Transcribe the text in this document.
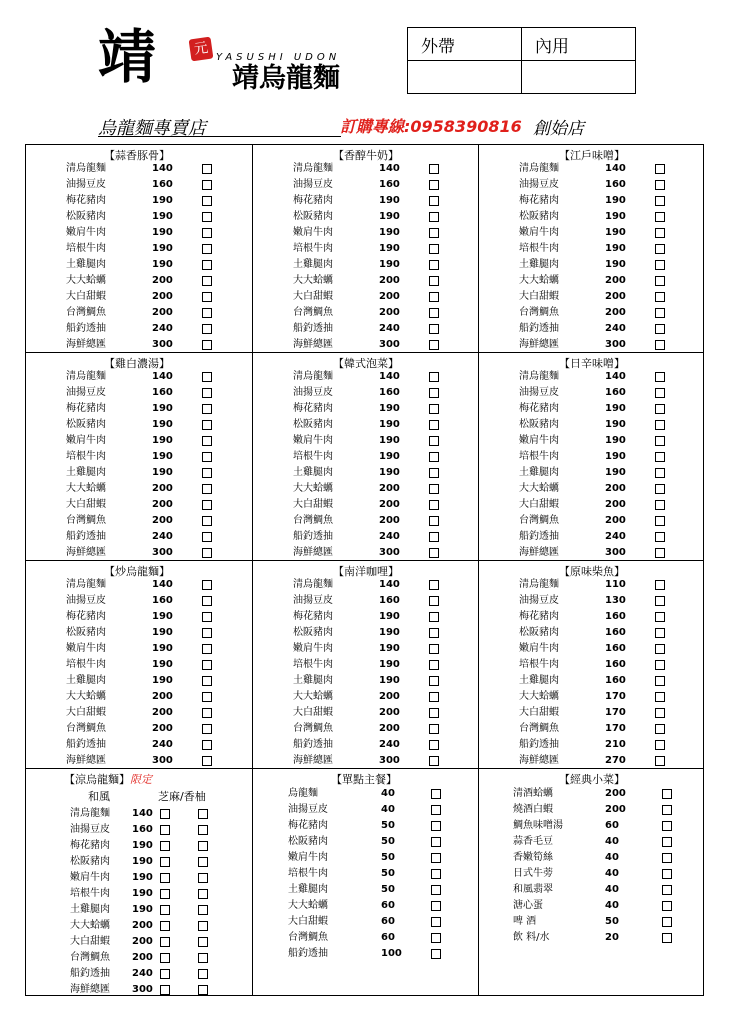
靖	元 YASUSHI UDON
靖烏龍麵
外帶	內用

烏龍麵專賣店	訂購專線:0958390816 創始店
【蒜香豚骨】
清烏龍麵	140
油揚豆皮	160
梅花豬肉	190
松阪豬肉	190
嫩肩牛肉	190
培根牛肉	190
土雞腿肉	190
大大蛤蠣	200
大白甜蝦	200
台灣鯛魚	200
船釣透抽	240
海鮮總匯	300
【香醇牛奶】
清烏龍麵	140
油揚豆皮	160
梅花豬肉	190
松阪豬肉	190
嫩肩牛肉	190
培根牛肉	190
土雞腿肉	190
大大蛤蠣	200
大白甜蝦	200
台灣鯛魚	200
船釣透抽	240
海鮮總匯	300
【江戶味噌】
清烏龍麵	140
油揚豆皮	160
梅花豬肉	190
松阪豬肉	190
嫩肩牛肉	190
培根牛肉	190
土雞腿肉	190
大大蛤蠣	200
大白甜蝦	200
台灣鯛魚	200
船釣透抽	240
海鮮總匯	300
【雞白濃湯】
清烏龍麵	140
油揚豆皮	160
梅花豬肉	190
松阪豬肉	190
嫩肩牛肉	190
培根牛肉	190
土雞腿肉	190
大大蛤蠣	200
大白甜蝦	200
台灣鯛魚	200
船釣透抽	240
海鮮總匯	300
【韓式泡菜】
清烏龍麵	140
油揚豆皮	160
梅花豬肉	190
松阪豬肉	190
嫩肩牛肉	190
培根牛肉	190
土雞腿肉	190
大大蛤蠣	200
大白甜蝦	200
台灣鯛魚	200
船釣透抽	240
海鮮總匯	300
【日辛味噌】
清烏龍麵	140
油揚豆皮	160
梅花豬肉	190
松阪豬肉	190
嫩肩牛肉	190
培根牛肉	190
土雞腿肉	190
大大蛤蠣	200
大白甜蝦	200
台灣鯛魚	200
船釣透抽	240
海鮮總匯	300
【炒烏龍麵】
清烏龍麵	140
油揚豆皮	160
梅花豬肉	190
松阪豬肉	190
嫩肩牛肉	190
培根牛肉	190
土雞腿肉	190
大大蛤蠣	200
大白甜蝦	200
台灣鯛魚	200
船釣透抽	240
海鮮總匯	300
【南洋咖哩】
清烏龍麵	140
油揚豆皮	160
梅花豬肉	190
松阪豬肉	190
嫩肩牛肉	190
培根牛肉	190
土雞腿肉	190
大大蛤蠣	200
大白甜蝦	200
台灣鯛魚	200
船釣透抽	240
海鮮總匯	300
【原味柴魚】
清烏龍麵	110
油揚豆皮	130
梅花豬肉	160
松阪豬肉	160
嫩肩牛肉	160
培根牛肉	160
土雞腿肉	160
大大蛤蠣	170
大白甜蝦	170
台灣鯛魚	170
船釣透抽	210
海鮮總匯	270
【涼烏龍麵】限定
和風	芝麻/香柚
清烏龍麵 140
油揚豆皮 160
梅花豬肉 190
松阪豬肉 190
嫩肩牛肉 190
培根牛肉 190
土雞腿肉 190
大大蛤蠣 200
大白甜蝦 200
台灣鯛魚 200
船釣透抽 240
海鮮總匯 300
【單點主餐】
烏龍麵	40
油揚豆皮	40
梅花豬肉	50
松阪豬肉	50
嫩肩牛肉	50
培根牛肉	50
土雞腿肉	50
大大蛤蠣	60
大白甜蝦	60
台灣鯛魚	60
船釣透抽	100
【經典小菜】
清酒蛤蠣	200
燒酒白蝦	200
鯛魚味噌湯	60
蒜香毛豆	40
香嫩筍絲	40
日式牛蒡	40
和風翡翠	40
溏心蛋	40
啤 酒	50
飲 料/水	20
